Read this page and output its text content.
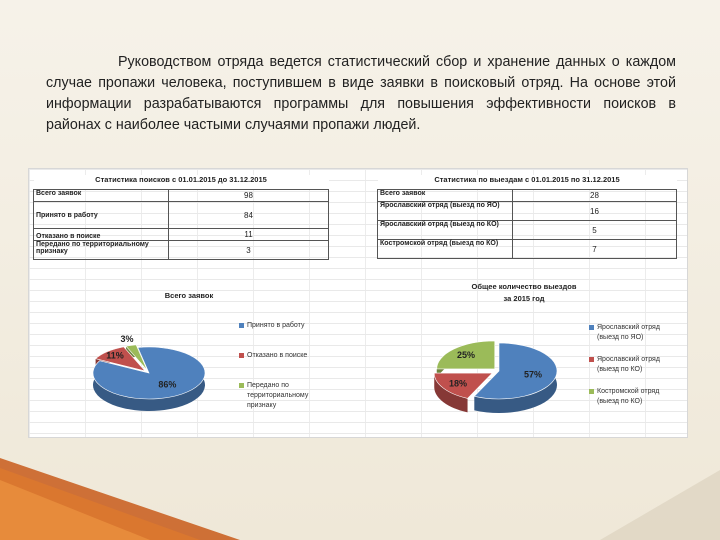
Руководством отряда ведется статистический сбор и хранение данных о каждом случае пропажи человека, поступившем в виде заявки в поисковый отряд. На основе этой информации разрабатываются программы для повышения эффективности поисков в районах с наиболее частыми случаями пропажи людей.
Статистика поисков с 01.01.2015 до 31.12.2015	
Всего заявок	98
Принято в работу	84
Отказано в поиске	11
Передано по территориальному признаку	3
Статистика по выездам с 01.01.2015 по 31.12.2015	
Всего заявок	28
Ярославский отряд (выезд по ЯО)	16
Ярославский отряд (выезд по КО)	5
Костромской отряд (выезд по КО)	7
Всего заявок
86%
11%
3%
Принято в работу
Отказано в поиске
Передано по территориальному признаку
Общее количество выездов
за 2015 год
57%
18%
25%
Ярославский отряд (выезд по ЯО)
Ярославский отряд (выезд по КО)
Костромской отряд (выезд по КО)
